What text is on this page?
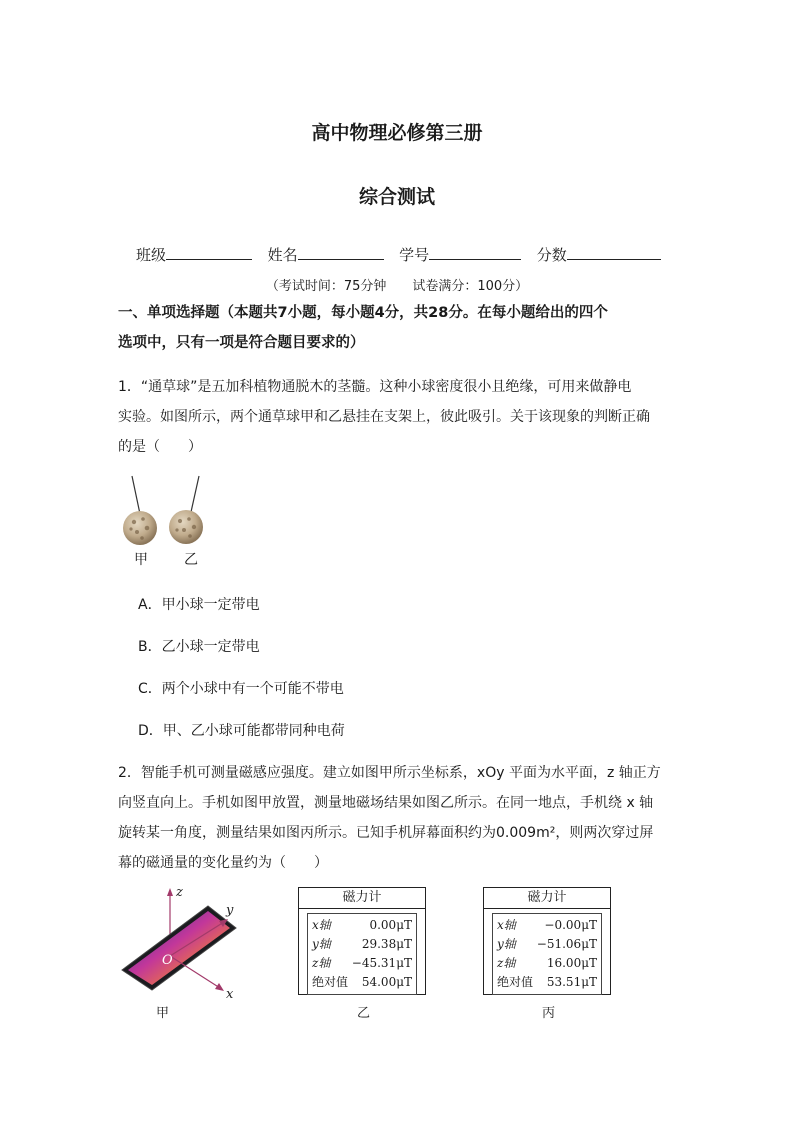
高中物理必修第三册
综合测试
班级	姓名	学号	分数
（考试时间：75分钟　　试卷满分：100分）
一、单项选择题（本题共7小题，每小题4分，共28分。在每小题给出的四个
选项中，只有一项是符合题目要求的）
1．“通草球”是五加科植物通脱木的茎髓。这种小球密度很小且绝缘，可用来做静电
实验。如图所示，两个通草球甲和乙悬挂在支架上，彼此吸引。关于该现象的判断正确
的是（　　）
甲	乙
A．甲小球一定带电
B．乙小球一定带电
C．两个小球中有一个可能不带电
D．甲、乙小球可能都带同种电荷
2．智能手机可测量磁感应强度。建立如图甲所示坐标系，xOy 平面为水平面，z 轴正方
向竖直向上。手机如图甲放置，测量地磁场结果如图乙所示。在同一地点，手机绕 x 轴
旋转某一角度，测量结果如图丙所示。已知手机屏幕面积约为0.009m²，则两次穿过屏
幕的磁通量的变化量约为（　　）
z
y
x
O
甲
磁力计
x轴	0.00μT
y轴	29.38μT
z轴 −45.31μT
绝对值 54.00μT
乙
磁力计
x轴 −0.00μT
y轴 −51.06μT
z轴	16.00μT
绝对值 53.51μT
丙
